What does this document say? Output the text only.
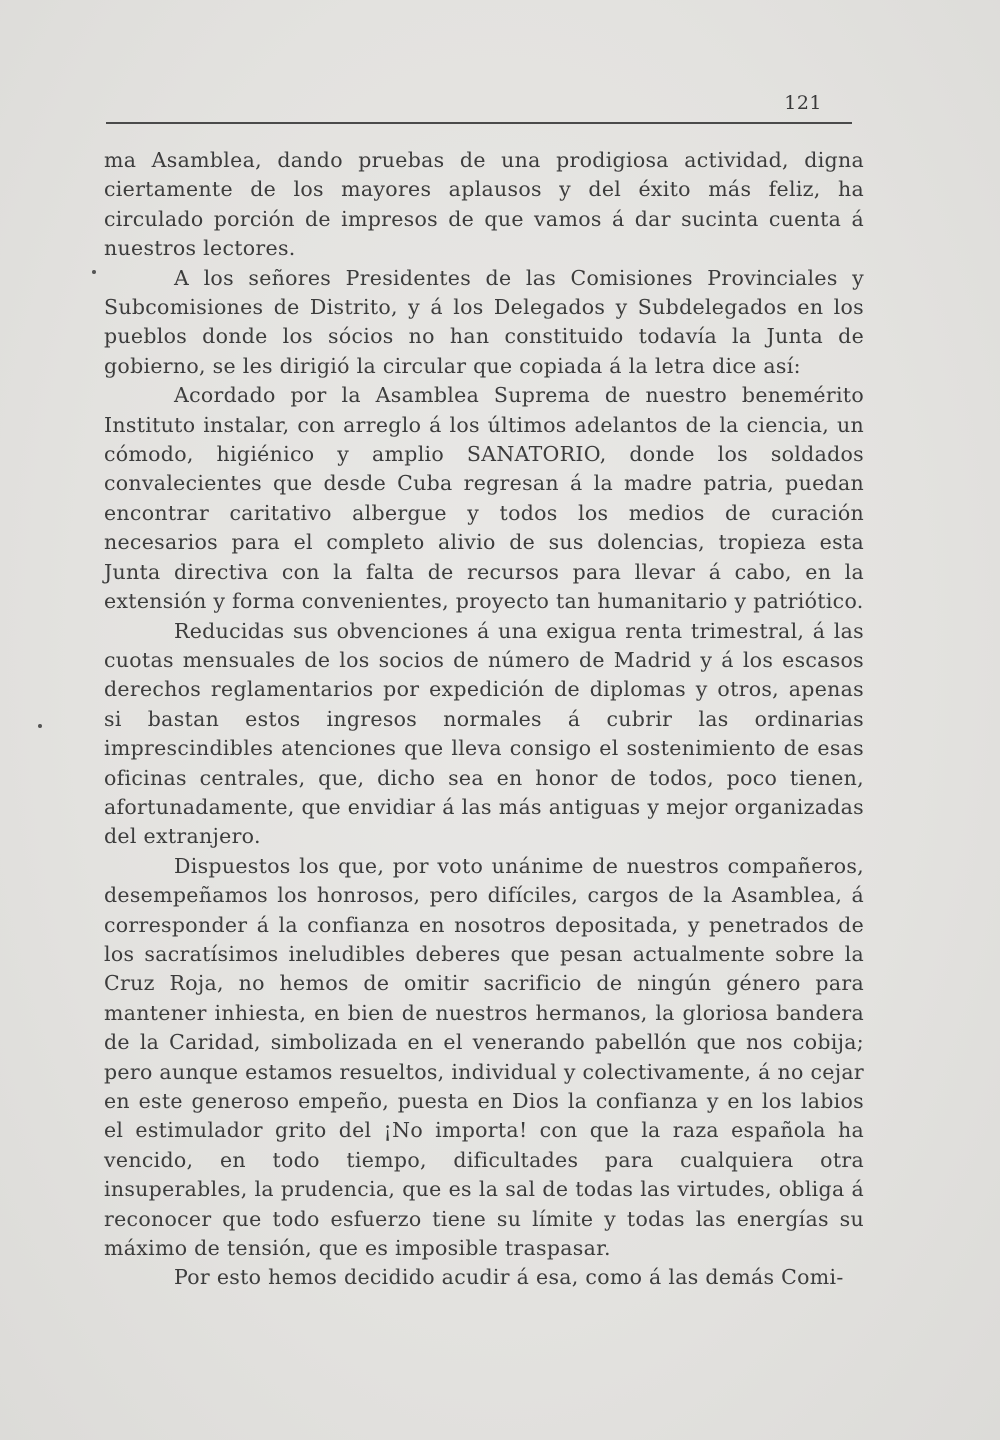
121

ma Asamblea, dando pruebas de una prodigiosa actividad, digna ciertamente de los mayores aplausos y del éxito más feliz, ha circulado porción de impresos de que vamos á dar sucinta cuenta á nuestros lectores.

A los señores Presidentes de las Comisiones Provinciales y Subcomisiones de Distrito, y á los Delegados y Subdelegados en los pueblos donde los sócios no han constituido todavía la Junta de gobierno, se les dirigió la circular que copiada á la letra dice así:

Acordado por la Asamblea Suprema de nuestro benemérito Instituto instalar, con arreglo á los últimos adelantos de la ciencia, un cómodo, higiénico y amplio SANATORIO, donde los soldados convalecientes que desde Cuba regresan á la madre patria, puedan encontrar caritativo albergue y todos los medios de curación necesarios para el completo alivio de sus dolencias, tropieza esta Junta directiva con la falta de recursos para llevar á cabo, en la extensión y forma convenientes, proyecto tan humanitario y patriótico.

Reducidas sus obvenciones á una exigua renta trimestral, á las cuotas mensuales de los socios de número de Madrid y á los escasos derechos reglamentarios por expedición de diplomas y otros, apenas si bastan estos ingresos normales á cubrir las ordinarias imprescindibles atenciones que lleva consigo el sostenimiento de esas oficinas centrales, que, dicho sea en honor de todos, poco tienen, afortunadamente, que envidiar á las más antiguas y mejor organizadas del extranjero.

Dispuestos los que, por voto unánime de nuestros compañeros, desempeñamos los honrosos, pero difíciles, cargos de la Asamblea, á corresponder á la confianza en nosotros depositada, y penetrados de los sacratísimos ineludibles deberes que pesan actualmente sobre la Cruz Roja, no hemos de omitir sacrificio de ningún género para mantener inhiesta, en bien de nuestros hermanos, la gloriosa bandera de la Caridad, simbolizada en el venerando pabellón que nos cobija; pero aunque estamos resueltos, individual y colectivamente, á no cejar en este generoso empeño, puesta en Dios la confianza y en los labios el estimulador grito del ¡No importa! con que la raza española ha vencido, en todo tiempo, dificultades para cualquiera otra insuperables, la prudencia, que es la sal de todas las virtudes, obliga á reconocer que todo esfuerzo tiene su límite y todas las energías su máximo de tensión, que es imposible traspasar.

Por esto hemos decidido acudir á esa, como á las demás Comi-
